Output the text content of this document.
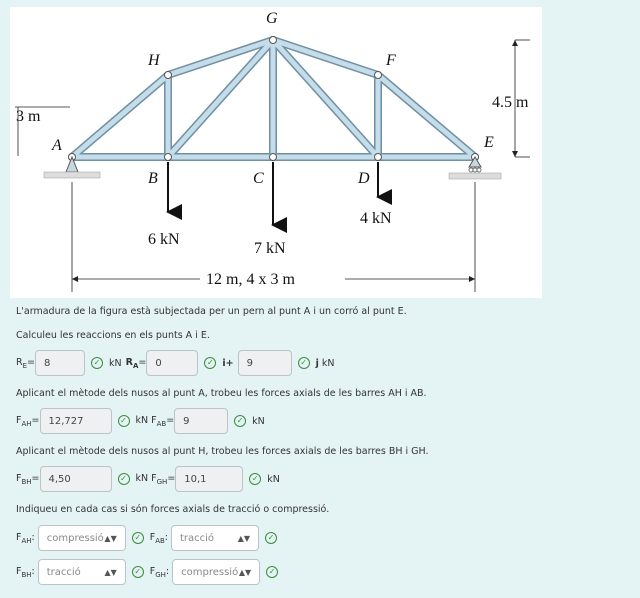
G
H	F
A	E
B	C	D
3 m
4.5 m
6 kN
7 kN
4 kN
12 m, 4 x 3 m
L'armadura de la figura està subjectada per un pern al punt A i un corró al punt E.
Calculeu les reaccions en els punts A i E.
$R_E= 8$	✓ kN $R_A= 0$	✓ i+	9	✓ j kN
Aplicant el mètode dels nusos al punt A, trobeu les forces axials de les barres AH i AB.
$F_{AH}= 12,727$	✓ kN $F_{AB}= 9$	✓ kN
Aplicant el mètode dels nusos al punt H, trobeu les forces axials de les barres BH i GH.
$F_{BH}= 4,50$	✓ kN $F_{GH}= 10,1$	✓ kN
Indiqueu en cada cas si són forces axials de tracció o compressió.
$F_{AH}$: compressió ▲▼	✓ $F_{AB}$: tracció	▲▼	✓
$F_{BH}$: tracció	▲▼	✓ $F_{GH}$: compressió ▲▼	✓
